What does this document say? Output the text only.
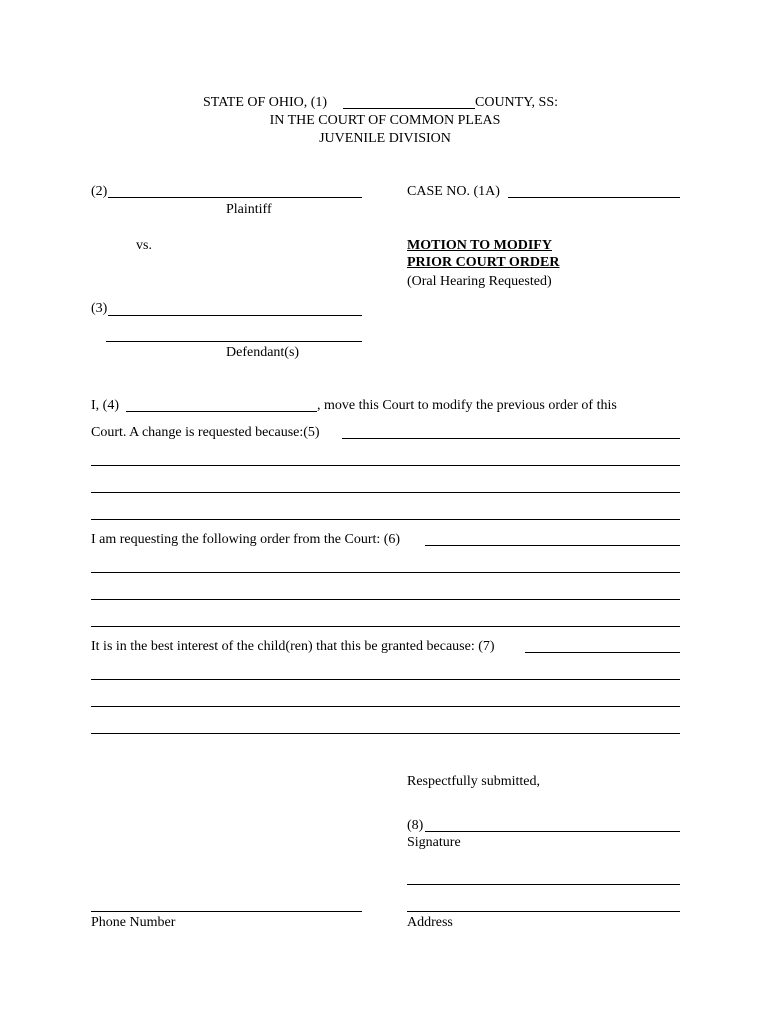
STATE OF OHIO, (1)	COUNTY, SS:
IN THE COURT OF COMMON PLEAS
JUVENILE DIVISION
(2)
Plaintiff
CASE NO. (1A)
vs.	MOTION TO MODIFY
PRIOR COURT ORDER
(Oral Hearing Requested)
(3)
Defendant(s)
I, (4)	, move this Court to modify the previous order of this
Court. A change is requested because:(5)
I am requesting the following order from the Court: (6)
It is in the best interest of the child(ren) that this be granted because: (7)
Respectfully submitted,
(8)
Signature
Phone Number	Address
